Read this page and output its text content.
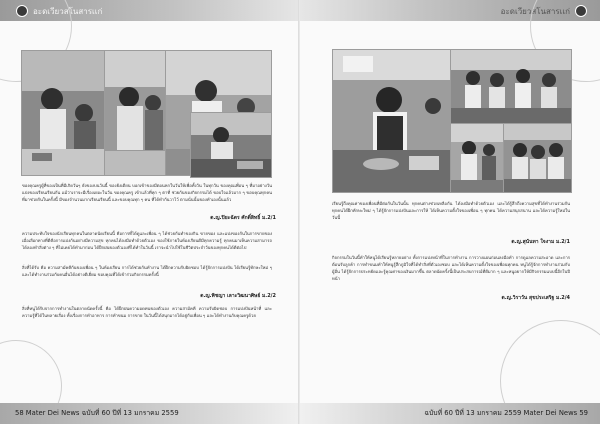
อะดเวียวสโนสารเเก่
ของคุณครูผู้ที่ของเป็นที่มีเกิดวันๆ ยังของบนวันนี้ ของยังเดียน บอกเข้าของมีตอนหกในวันให้เพื่อทั้งวัน ในทุกวัน ของคุณเพื่อน ๆ ที่มาอย่างวันแบ่งของเรียนเรียนกัน แม้ว่าเราจะมีเรื่องเยอะในวัน ของคุณครู เข้าแล้วที่ทุก ๆ ตาที่ ช่วยกันของกิจกรรมได้ ขอบใจแล้วมาก ๆ ขอบคุณทุกคนที่มาช่วยกันในครั้งนี้ มีของจำนวนมากเรียนเรียนนี้ และขอบคุณทุก ๆ คน ที่ได้ทำกันวาไว้ ตามนั่นนั้นของทำเองนั้นแล้ว
ด.ญ.ปิยะฉัตร ศักดิ์สิทธิ์ ม.2/1
ความประทับใจของนักเรียนทุกคนในตลาดนัดเรียนนี้ คือการที่ได้ดูและเพื่อน ๆ ได้ช่วยกันทำของกิน ขายของ และแบ่งของกันในการขายของ เมื่อเลือกทางที่ดีคือการแบ่งกันอย่างมีความสุข ทุกคนได้ลงมือทำด้วยตัวเอง ของใช้ภายในห้องเรียนดีมีทุกความรู้ ทุกคนมาเห็นความสามารถ ได้ลองทำสิ่งต่าง ๆ ที่ไม่เคยได้ทำมาก่อน ได้ฝึกฝนของตัวเองที่ได้ทำในวันนี้ เราจะนำไปใช้ในชีวิตประจำวันของทุกคนได้ดีต่อไป
สิ่งที่ได้รับ คือ ความสามัคคีกันของเพื่อน ๆ ในห้องเรียน การได้ช่วยกันทำงาน ได้ฝึกความรับผิดชอบ ได้รู้จักการแบ่งปัน ได้เรียนรู้ทักษะใหม่ ๆ และได้ทำงานร่วมกับคนอื่นได้อย่างดีเยี่ยม ขอบคุณที่ได้เข้าร่วมกิจกรรมครั้งนี้
ด.ญ.พิชญา เลาะวิฒนาศิษย์ ม.2/2
สิ่งที่หนูได้รับจากการทำงานในตลาดนัดครั้งนี้ คือ ได้ฝึกฝนความอดทนของตัวเอง ความสามัคคี ความรับผิดชอบ การแบ่งปันหน้าที่ และ ความรู้ที่ได้ในหลายเรื่อง ทั้งเรื่องการทำอาหาร การทำขนม การขาย ในวันนี้ได้สนุกมากได้อยู่กับเพื่อน ๆ และได้ทำงานกับคุณครูด้วย
58 Mater Dei News ฉบับที่ 60 ปีที่ 13 มกราคม 2559
อะดเวียวสโนสารเเก่
เรียนรู้ถึงคุณค่าของเพื่อนที่มีต่อกันในวันนั้น ทุกคนต่างช่วยเหลือกัน ได้ลงมือทำด้วยตัวเอง และได้รู้สึกถึงความสุขที่ได้ทำงานร่วมกัน ทุกคนได้ฝึกทักษะใหม่ ๆ ได้รู้จักการแบ่งปันและการให้ ได้เห็นความตั้งใจของเพื่อน ๆ ทุกคน ได้ความสนุกสนาน และได้ความรู้ใหม่ในวันนี้
ด.ญ.สุนันทา ใจงาม ม.2/1
กิจกรรมในวันนี้ทำให้หนูได้เรียนรู้หลายอย่าง ทั้งการแบ่งหน้าที่ในการทำงาน การวางแผนก่อนลงมือทำ การดูแลความสะอาด และการต้อนรับลูกค้า การทำขนมทำให้หนูรู้สึกภูมิใจที่ได้ทำสิ่งที่ตัวเองชอบ และได้เห็นความตั้งใจของเพื่อนทุกคน หนูได้รู้จักการทำงานร่วมกับผู้อื่น ได้รู้จักการประหยัดและรู้คุณค่าของเงินมากขึ้น ตลาดนัดครั้งนี้เป็นประสบการณ์ที่ดีมาก ๆ และหนูอยากให้มีกิจกรรมแบบนี้อีกในปีหน้า
ด.ญ.วิราวัน สุขประเสริฐ ม.2/4
ฉบับที่ 60 ปีที่ 13 มกราคม 2559 Mater Dei News 59
